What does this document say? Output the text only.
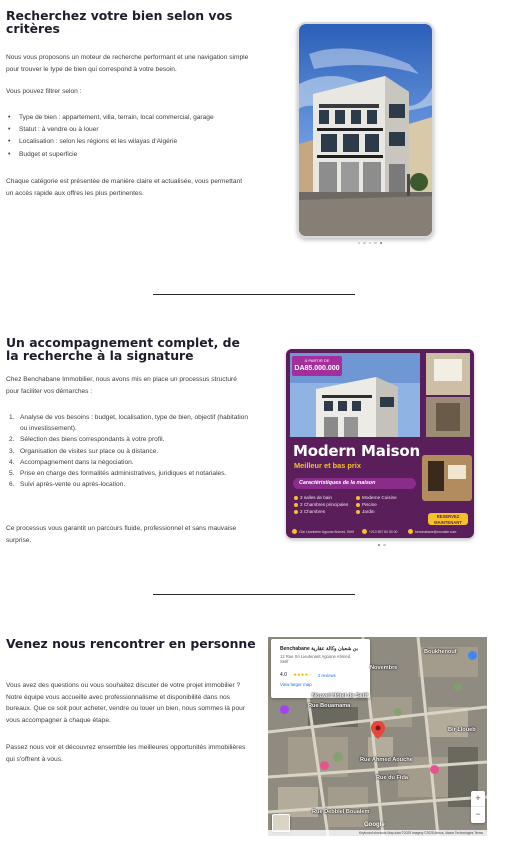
Recherchez votre bien selon vos critères
Nous vous proposons un moteur de recherche performant et une navigation simple pour trouver le type de bien qui correspond à votre besoin.
Vous pouvez filtrer selon :
• Type de bien : appartement, villa, terrain, local commercial, garage
• Statut : à vendre ou à louer
• Localisation : selon les régions et les wilayas d'Algérie
• Budget et superficie
Chaque catégorie est présentée de manière claire et actualisée, vous permettant un accès rapide aux offres les plus pertinentes.
Un accompagnement complet, de la recherche à la signature
Chez Benchabane Immobilier, nous avons mis en place un processus structuré pour faciliter vos démarches :
Analyse de vos besoins : budget, localisation, type de bien, objectif (habitation ou investissement).
Sélection des biens correspondants à votre profil.
Organisation de visites sur place ou à distance.
Accompagnement dans la négociation.
Prise en charge des formalités administratives, juridiques et notariales.
Suivi après-vente ou après-location.
Ce processus vous garantit un parcours fluide, professionnel et sans mauvaise surprise.
À PARTIR DE
DA85.000.000
Modern Maison
Meilleur et bas prix
Caractéristiques de la maison
3 salles de bain	Moderne Cuisine
2 Chambres principales	Piscine
2 Chambres	Jardin
RESERVEZ MAINTENANT
Cite Lbonbehe Agoune Ahmed, Sétif	+213 557 60 00 00	benchabane@monsite.com
Venez nous rencontrer en personne
Vous avez des questions ou vous souhaitez discuter de votre projet immobilier ? Notre équipe vous accueille avec professionnalisme et disponibilité dans nos bureaux. Que ce soit pour acheter, vendre ou louer un bien, nous sommes là pour vous accompagner à chaque étape.
Passez nous voir et découvrez ensemble les meilleures opportunités immobilières qui s'offrent à vous.
Benchabane بن شعبان وكالة عقارية
12 Rue Sri Lieutenant Agoune Ahmed, Setif
4.0 ★★★★☆ 2 reviews
View larger map
Boukhenouf
Rue Bouamama
Nouvel Hôtel de Setif
Novembre
Rue Ahmed Aouche
Rue du Fida
Rue Debbiel Boualem
Bir Lloueb
+
−
Google
Keyboard shortcuts Map data ©2025 Imagery ©2025 Airbus, Maxar Technologies Terms
